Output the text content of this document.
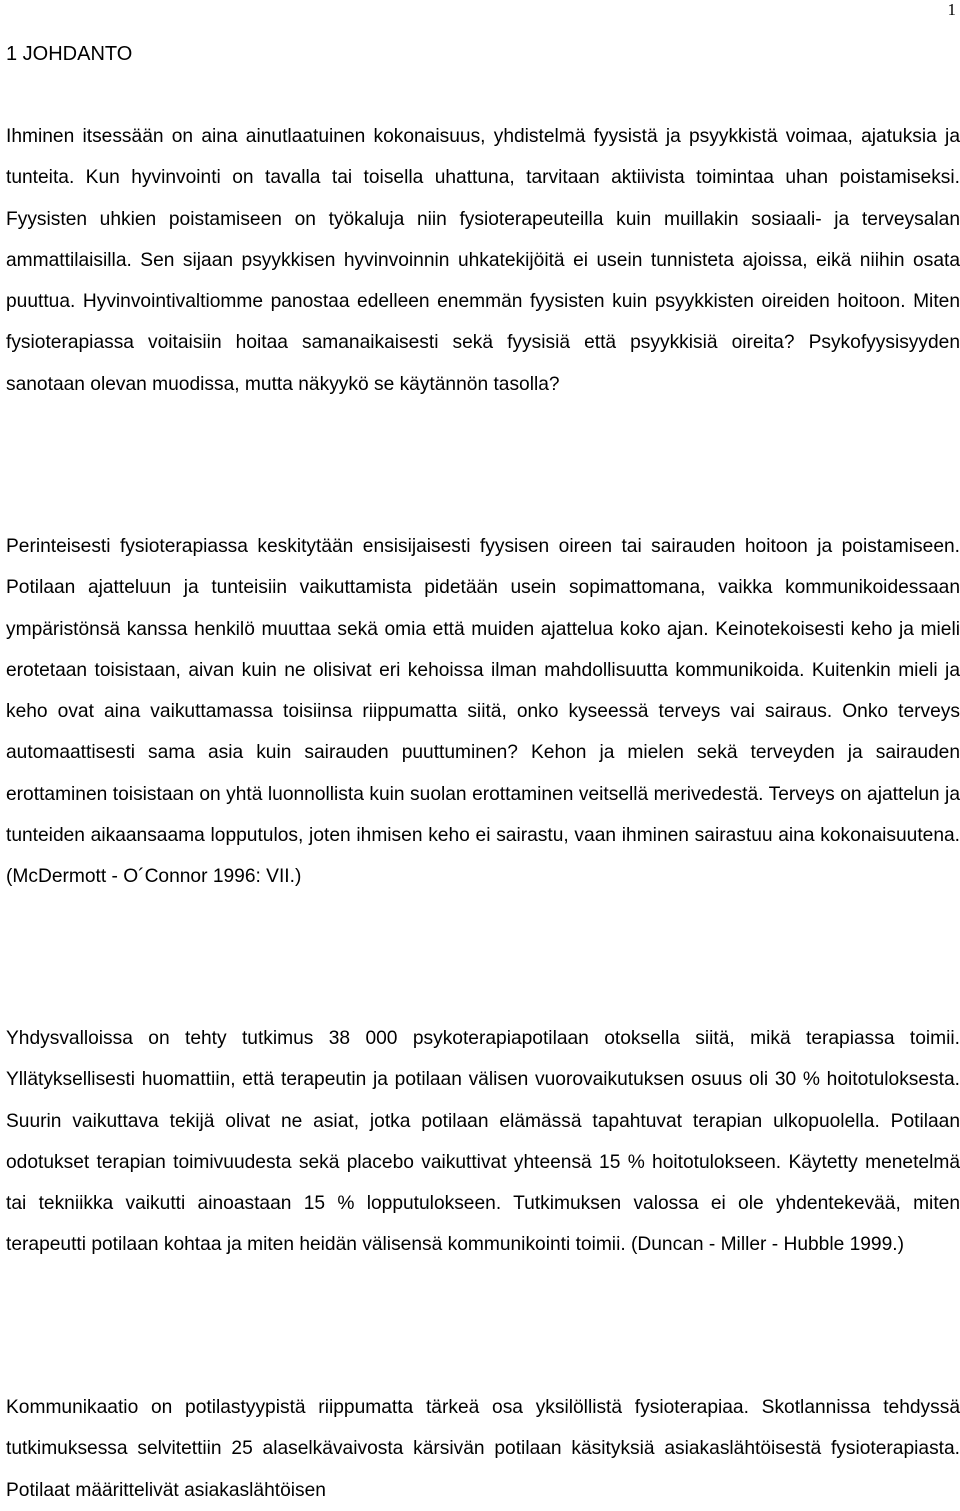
1
1 JOHDANTO

Ihminen itsessään on aina ainutlaatuinen kokonaisuus, yhdistelmä fyysistä ja psyykkistä voimaa, ajatuksia ja tunteita. Kun hyvinvointi on tavalla tai toisella uhattuna, tarvitaan aktiivista toimintaa uhan poistamiseksi. Fyysisten uhkien poistamiseen on työkaluja niin fysioterapeuteilla kuin muillakin sosiaali- ja terveysalan ammattilaisilla. Sen sijaan psyykkisen hyvinvoinnin uhkatekijöitä ei usein tunnisteta ajoissa, eikä niihin osata puuttua. Hyvinvointivaltiomme panostaa edelleen enemmän fyysisten kuin psyykkisten oireiden hoitoon. Miten fysioterapiassa voitaisiin hoitaa samanaikaisesti sekä fyysisiä että psyykkisiä oireita? Psykofyysisyyden sanotaan olevan muodissa, mutta näkyykö se käytännön tasolla?

Perinteisesti fysioterapiassa keskitytään ensisijaisesti fyysisen oireen tai sairauden hoitoon ja poistamiseen. Potilaan ajatteluun ja tunteisiin vaikuttamista pidetään usein sopimattomana, vaikka kommunikoidessaan ympäristönsä kanssa henkilö muuttaa sekä omia että muiden ajattelua koko ajan. Keinotekoisesti keho ja mieli erotetaan toisistaan, aivan kuin ne olisivat eri kehoissa ilman mahdollisuutta kommunikoida. Kuitenkin mieli ja keho ovat aina vaikuttamassa toisiinsa riippumatta siitä, onko kyseessä terveys vai sairaus. Onko terveys automaattisesti sama asia kuin sairauden puuttuminen? Kehon ja mielen sekä terveyden ja sairauden erottaminen toisistaan on yhtä luonnollista kuin suolan erottaminen veitsellä merivedestä. Terveys on ajattelun ja tunteiden aikaansaama lopputulos, joten ihmisen keho ei sairastu, vaan ihminen sairastuu aina kokonaisuutena. (McDermott - O´Connor 1996: VII.)

Yhdysvalloissa on tehty tutkimus 38 000 psykoterapiapotilaan otoksella siitä, mikä terapiassa toimii. Yllätyksellisesti huomattiin, että terapeutin ja potilaan välisen vuorovaikutuksen osuus oli 30 % hoitotuloksesta. Suurin vaikuttava tekijä olivat ne asiat, jotka potilaan elämässä tapahtuvat terapian ulkopuolella. Potilaan odotukset terapian toimivuudesta sekä placebo vaikuttivat yhteensä 15 % hoitotulokseen. Käytetty menetelmä tai tekniikka vaikutti ainoastaan 15 % lopputulokseen. Tutkimuksen valossa ei ole yhdentekevää, miten terapeutti potilaan kohtaa ja miten heidän välisensä kommunikointi toimii. (Duncan - Miller - Hubble 1999.)

Kommunikaatio on potilastyypistä riippumatta tärkeä osa yksilöllistä fysioterapiaa. Skotlannissa tehdyssä tutkimuksessa selvitettiin 25 alaselkävaivosta kärsivän potilaan käsityksiä asiakaslähtöisestä fysioterapiasta. Potilaat määrittelivät asiakaslähtöisen
